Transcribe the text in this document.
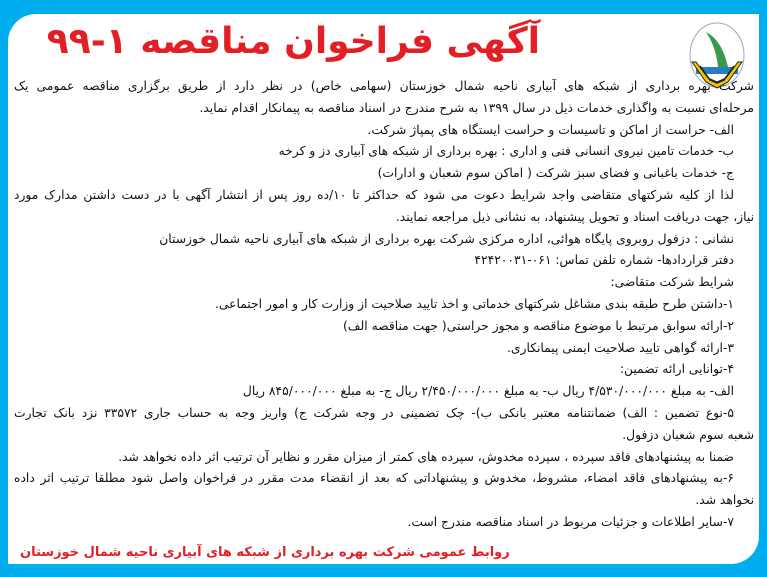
آگهی فراخوان مناقصه ۱-۹۹
شرکت بهره برداری از شبکه های آبیاری ناحیه شمال خوزستان (سهامی خاص) در نظر دارد از طریق برگزاری مناقصه عمومی یک
مرحله‌ای نسبت به واگذاری خدمات ذیل در سال ۱۳۹۹ به شرح مندرج در اسناد مناقصه به پیمانکار اقدام نماید.
الف- حراست از اماکن و تاسیسات و حراست ایستگاه های پمپاژ شرکت.
ب- خدمات تامین نیروی انسانی فنی و اداری : بهره برداری از شبکه های آبیاری دز و کرخه
ج- خدمات باغبانی و فضای سبز شرکت ( اماکن سوم شعبان و ادارات)
لذا از کلیه شرکتهای متقاضی واجد شرایط دعوت می شود که حداکثر تا ۱۰/ده روز پس از انتشار آگهی با در دست داشتن مدارک مورد
نیاز، جهت دریافت اسناد و تحویل پیشنهاد، به نشانی ذیل مراجعه نمایند.
نشانی : دزفول روبروی پایگاه هوائی، اداره مرکزی شرکت بهره برداری از شبکه های آبیاری ناحیه شمال خوزستان
دفتر قراردادها- شماره تلفن تماس: ۰۶۱-۴۲۴۲۰۰۳۱
شرایط شرکت متقاضی:
۱-داشتن طرح طبقه بندی مشاغل شرکتهای خدماتی و اخذ تایید صلاحیت از وزارت کار و امور اجتماعی.
۲-ارائه سوابق مرتبط با موضوع مناقصه و مجوز حراستی( جهت مناقصه الف)
۳-ارائه گواهی تایید صلاحیت ایمنی پیمانکاری.
۴-توانایی ارائه تضمین:
الف- به مبلغ ۴/۵۳۰/۰۰۰/۰۰۰ ریال ب- به مبلغ ۲/۴۵۰/۰۰۰/۰۰۰ ریال ج- به مبلغ ۸۴۵/۰۰۰/۰۰۰ ریال
۵-نوع تضمین : الف) ضمانتنامه معتبر بانکی ب)- چک تضمینی در وجه شرکت ج) واریز وجه به حساب جاری ۳۳۵۷۲ نزد بانک تجارت
شعبه سوم شعبان دزفول.
ضمنا به پیشنهادهای فاقد سپرده ، سپرده مخدوش، سپرده های کمتر از میزان مقرر و نظایر آن ترتیب اثر داده نخواهد شد.
۶-به پیشنهادهای فاقد امضاء، مشروط، مخدوش و پیشنهاداتی که بعد از انقضاء مدت مقرر در فراخوان واصل شود مطلقا ترتیب اثر داده
نخواهد شد.
۷-سایر اطلاعات و جزئیات مربوط در اسناد مناقصه مندرج است.
روابط عمومی شرکت بهره برداری از شبکه های آبیاری ناحیه شمال خوزستان
